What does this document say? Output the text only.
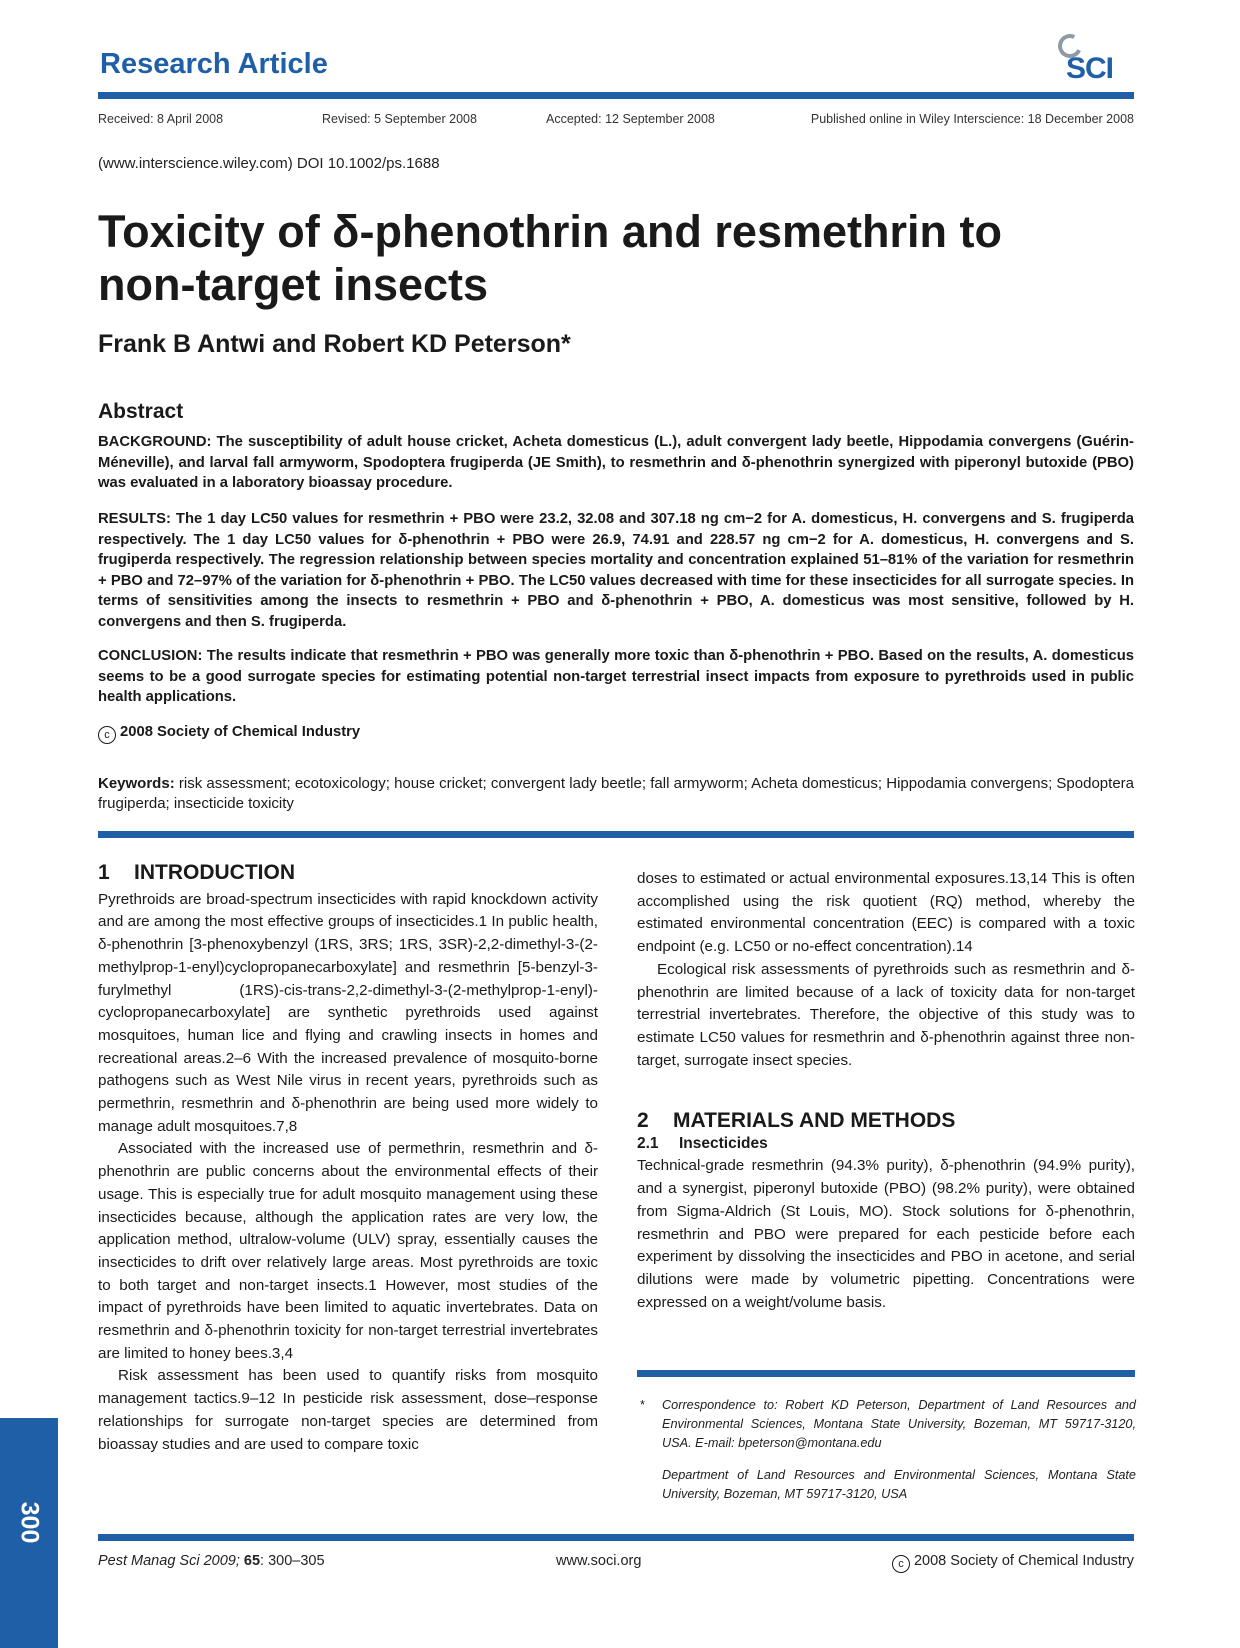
Research Article	SCI
Received: 8 April 2008	Revised: 5 September 2008	Accepted: 12 September 2008	Published online in Wiley Interscience: 18 December 2008
(www.interscience.wiley.com) DOI 10.1002/ps.1688
Toxicity of δ-phenothrin and resmethrin to
non-target insects
Frank B Antwi and Robert KD Peterson*
Abstract

BACKGROUND: The susceptibility of adult house cricket, Acheta domesticus (L.), adult convergent lady beetle, Hippodamia convergens (Guérin-Méneville), and larval fall armyworm, Spodoptera frugiperda (JE Smith), to resmethrin and δ-phenothrin synergized with piperonyl butoxide (PBO) was evaluated in a laboratory bioassay procedure.

RESULTS: The 1 day LC50 values for resmethrin + PBO were 23.2, 32.08 and 307.18 ng cm−2 for A. domesticus, H. convergens and S. frugiperda respectively. The 1 day LC50 values for δ-phenothrin + PBO were 26.9, 74.91 and 228.57 ng cm−2 for A. domesticus, H. convergens and S. frugiperda respectively. The regression relationship between species mortality and concentration explained 51–81% of the variation for resmethrin + PBO and 72–97% of the variation for δ-phenothrin + PBO. The LC50 values decreased with time for these insecticides for all surrogate species. In terms of sensitivities among the insects to resmethrin + PBO and δ-phenothrin + PBO, A. domesticus was most sensitive, followed by H. convergens and then S. frugiperda.

CONCLUSION: The results indicate that resmethrin + PBO was generally more toxic than δ-phenothrin + PBO. Based on the results, A. domesticus seems to be a good surrogate species for estimating potential non-target terrestrial insect impacts from exposure to pyrethroids used in public health applications.

c 2008 Society of Chemical Industry

Keywords: risk assessment; ecotoxicology; house cricket; convergent lady beetle; fall armyworm; Acheta domesticus; Hippodamia convergens; Spodoptera frugiperda; insecticide toxicity

1 INTRODUCTION

Pyrethroids are broad-spectrum insecticides with rapid knockdown activity and are among the most effective groups of insecticides.1 In public health, δ-phenothrin [3-phenoxybenzyl (1RS, 3RS; 1RS, 3SR)-2,2-dimethyl-3-(2-methylprop-1-enyl)cyclopropanecarboxylate] and resmethrin [5-benzyl-3-furylmethyl (1RS)-cis-trans-2,2-dimethyl-3-(2-methylprop-1-enyl)-cyclopropanecarboxylate] are synthetic pyrethroids used against mosquitoes, human lice and flying and crawling insects in homes and recreational areas.2–6 With the increased prevalence of mosquito-borne pathogens such as West Nile virus in recent years, pyrethroids such as permethrin, resmethrin and δ-phenothrin are being used more widely to manage adult mosquitoes.7,8

Associated with the increased use of permethrin, resmethrin and δ-phenothrin are public concerns about the environmental effects of their usage. This is especially true for adult mosquito management using these insecticides because, although the application rates are very low, the application method, ultralow-volume (ULV) spray, essentially causes the insecticides to drift over relatively large areas. Most pyrethroids are toxic to both target and non-target insects.1 However, most studies of the impact of pyrethroids have been limited to aquatic invertebrates. Data on resmethrin and δ-phenothrin toxicity for non-target terrestrial invertebrates are limited to honey bees.3,4

Risk assessment has been used to quantify risks from mosquito management tactics.9–12 In pesticide risk assessment, dose–response relationships for surrogate non-target species are determined from bioassay studies and are used to compare toxic

doses to estimated or actual environmental exposures.13,14 This is often accomplished using the risk quotient (RQ) method, whereby the estimated environmental concentration (EEC) is compared with a toxic endpoint (e.g. LC50 or no-effect concentration).14

Ecological risk assessments of pyrethroids such as resmethrin and δ-phenothrin are limited because of a lack of toxicity data for non-target terrestrial invertebrates. Therefore, the objective of this study was to estimate LC50 values for resmethrin and δ-phenothrin against three non-target, surrogate insect species.

2 MATERIALS AND METHODS
2.1 Insecticides

Technical-grade resmethrin (94.3% purity), δ-phenothrin (94.9% purity), and a synergist, piperonyl butoxide (PBO) (98.2% purity), were obtained from Sigma-Aldrich (St Louis, MO). Stock solutions for δ-phenothrin, resmethrin and PBO were prepared for each pesticide before each experiment by dissolving the insecticides and PBO in acetone, and serial dilutions were made by volumetric pipetting. Concentrations were expressed on a weight/volume basis.

* Correspondence to: Robert KD Peterson, Department of Land Resources and Environmental Sciences, Montana State University, Bozeman, MT 59717-3120, USA. E-mail: bpeterson@montana.edu

Department of Land Resources and Environmental Sciences, Montana State University, Bozeman, MT 59717-3120, USA

300
Pest Manag Sci 2009; 65: 300–305	www.soci.org	c 2008 Society of Chemical Industry
